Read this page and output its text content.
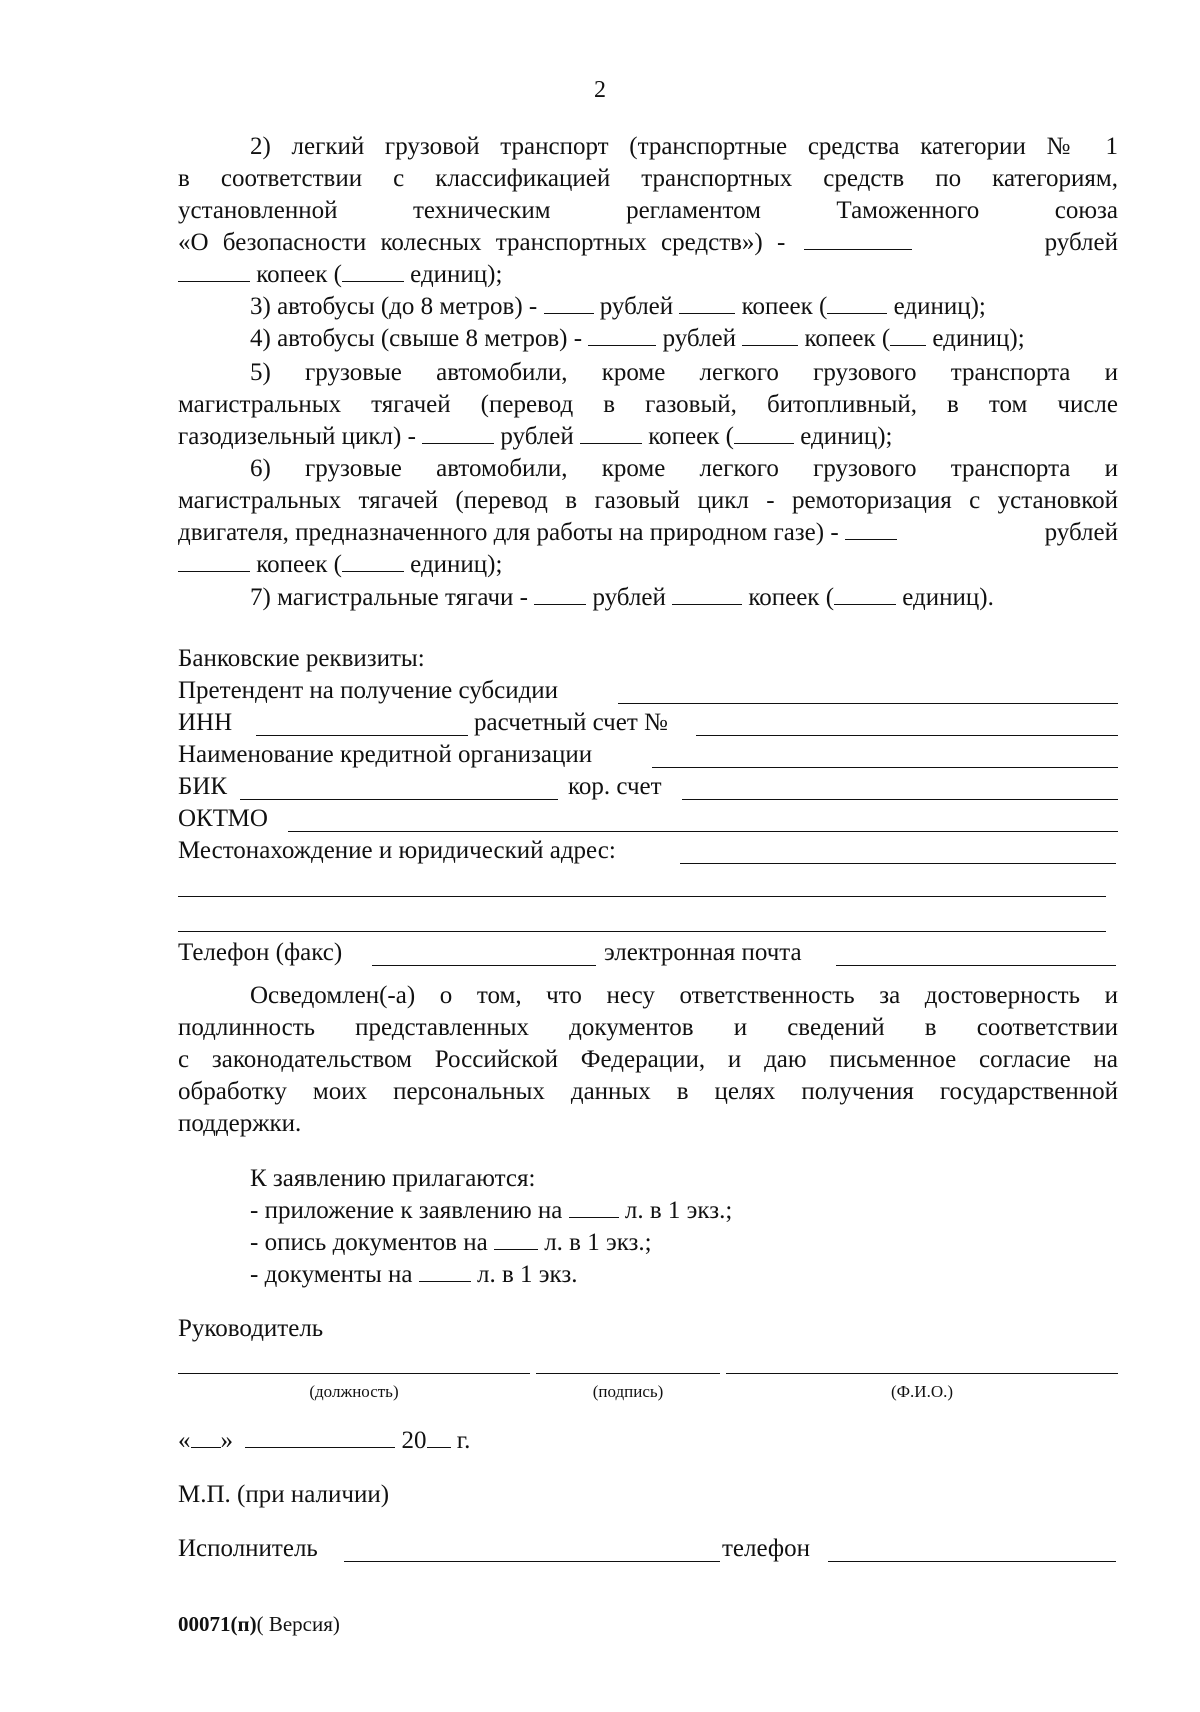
2
2) легкий грузовой транспорт (транспортные средства категории № 1
в соответствии с классификацией транспортных средств по категориям,
установленной техническим регламентом Таможенного союза
«О безопасности колесных транспортных средств») -	рублей
копеек (	единиц);
3) автобусы (до 8 метров) -	рублей	копеек (	единиц);
4) автобусы (свыше 8 метров) -	рублей	копеек ( единиц);
5) грузовые автомобили, кроме легкого грузового транспорта и
магистральных тягачей (перевод в газовый, битопливный, в том числе
газодизельный цикл) -	рублей	копеек (	единиц);
6) грузовые автомобили, кроме легкого грузового транспорта и
магистральных тягачей (перевод в газовый цикл - ремоторизация с установкой
двигателя, предназначенного для работы на природном газе) -	рублей
копеек (	единиц);
7) магистральные тягачи -	рублей	копеек (	единиц).
Банковские реквизиты:
Претендент на получение субсидии
ИНН	расчетный счет №
Наименование кредитной организации
БИК	кор. счет
ОКТМО
Местонахождение и юридический адрес:
Телефон (факс)	электронная почта
Осведомлен(-а) о том, что несу ответственность за достоверность и
подлинность представленных документов и сведений в соответствии
с законодательством Российской Федерации, и даю письменное согласие на
обработку моих персональных данных в целях получения государственной
поддержки.
К заявлению прилагаются:
- приложение к заявлению на	л. в 1 экз.;
- опись документов на л. в 1 экз.;
- документы на	л. в 1 экз.
Руководитель
(должность)	(подпись)	(Ф.И.О.)
« »	20 г.
М.П. (при наличии)
Исполнитель	телефон
00071(п)( Версия)
